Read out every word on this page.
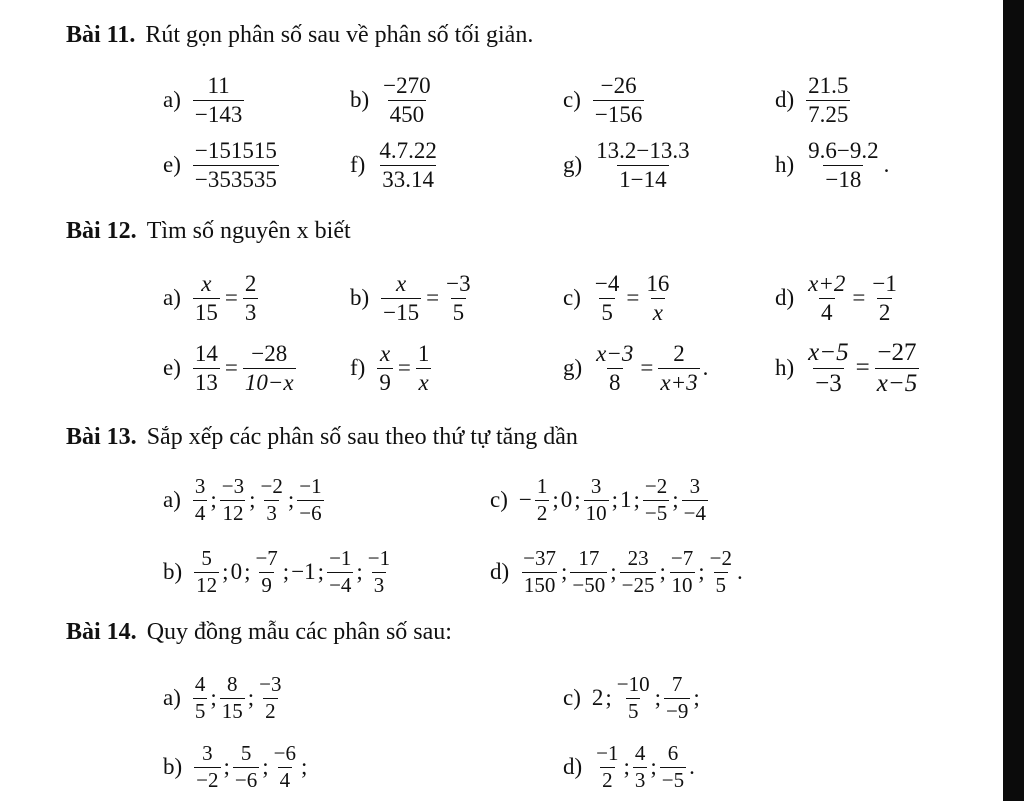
Bài 11. Rút gọn phân số sau về phân số tối giản.
$a) \frac{11}{-143}$	$b) \frac{-270}{450}$	$c) \frac{-26}{-156}$	$d) \frac{21.5}{7.25}$
$e) \frac{-151515}{-353535}$	$f) \frac{4.7.22}{33.14}$	$g) \frac{13.2-13.3}{1-14}$	$h) \frac{9.6-9.2}{-18}$ .
Bài 12. Tìm số nguyên x biết
$a) \frac{x}{15} = \frac{2}{3}$	$b) \frac{x}{-15} = \frac{-3}{5}$	$c) \frac{-4}{5} = \frac{16}{x}$	$d) \frac{x+2}{4} = \frac{-1}{2}$
$e) \frac{14}{13} = \frac{-28}{10-x} f) \frac{x}{9} = \frac{1}{x}$	$g) \frac{x-3}{8} = \frac{2}{x+3}$ .	$h) \frac{x-5}{-3} = \frac{-27}{x-5}$
Bài 13. Sắp xếp các phân số sau theo thứ tự tăng dần
$a) \frac{3}{4}$ ; $\frac{-3}{12}$ ; $\frac{-2}{3}$ ; $\frac{-1}{-6}$	$c) - \frac{1}{2}$ ; 0 ; $\frac{3}{10}$ ; 1 ; $\frac{-2}{-5}$ ; $\frac{3}{-4}$
$b) \frac{5}{12}$ ; 0 ; $\frac{-7}{9}$ ; −1 ; $\frac{-1}{-4}$ ; $\frac{-1}{3}$	$d) \frac{-37}{150}$ ; $\frac{17}{-50}$ ; $\frac{23}{-25}$ ; $\frac{-7}{10}$ ; $\frac{-2}{5}$ .
Bài 14. Quy đồng mẫu các phân số sau:
$a) \frac{4}{5}$ ; $\frac{8}{15}$ ; $\frac{-3}{2}$	c) 2 ; $\frac{-10}{5}$ ; $\frac{7}{-9}$ ;
$b) \frac{3}{-2}$ ; $\frac{5}{-6}$ ; $\frac{-6}{4}$ ;	$d) \frac{-1}{2}$ ; $\frac{4}{3}$ ; $\frac{6}{-5}$ .
